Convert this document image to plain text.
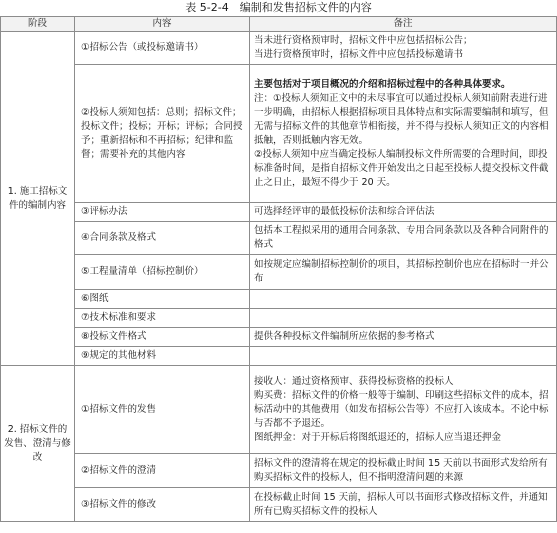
表 5-2-4　编制和发售招标文件的内容
阶段	内容	备注
1. 施工招标文件的编制内容	①招标公告（或投标邀请书）	当未进行资格预审时，招标文件中应包括招标公告；

当进行资格预审时，招标文件中应包括投标邀请书

	②投标人须知包括：总则；招标文件；投标文件；投标；开标；评标；合同授予；重新招标和不再招标；纪律和监督；需要补充的其他内容	主要包括对于项目概况的介绍和招标过程中的各种具体要求。

注：①投标人须知正文中的未尽事宜可以通过投标人须知前附表进行进一步明确，由招标人根据招标项目具体特点和实际需要编制和填写，但无需与招标文件的其他章节相衔接，并不得与投标人须知正文的内容相抵触，否则抵触内容无效。

②投标人须知中应当确定投标人编制投标文件所需要的合理时间，即投标准备时间，是指自招标文件开始发出之日起至投标人提交投标文件截止之日止，最短不得少于 20 天。

	③评标办法	可选择经评审的最低投标价法和综合评估法
	④合同条款及格式	包括本工程拟采用的通用合同条款、专用合同条款以及各种合同附件的格式
	⑤工程量清单（招标控制价）	如按规定应编制招标控制价的项目，其招标控制价也应在招标时一并公布
	⑥图纸	
	⑦技术标准和要求	
	⑧投标文件格式	提供各种投标文件编制所应依据的参考格式
	⑨规定的其他材料	
2. 招标文件的发售、澄清与修改	①招标文件的发售	接收人：通过资格预审、获得投标资格的投标人

购买费：招标文件的价格一般等于编制、印刷这些招标文件的成本，招标活动中的其他费用（如发布招标公告等）不应打入该成本。不论中标与否都不予退还。

图纸押金：对于开标后将图纸退还的，招标人应当退还押金

	②招标文件的澄清	招标文件的澄清将在规定的投标截止时间 15 天前以书面形式发给所有购买招标文件的投标人，但不指明澄清问题的来源
	③招标文件的修改	在投标截止时间 15 天前，招标人可以书面形式修改招标文件，并通知所有已购买招标文件的投标人
